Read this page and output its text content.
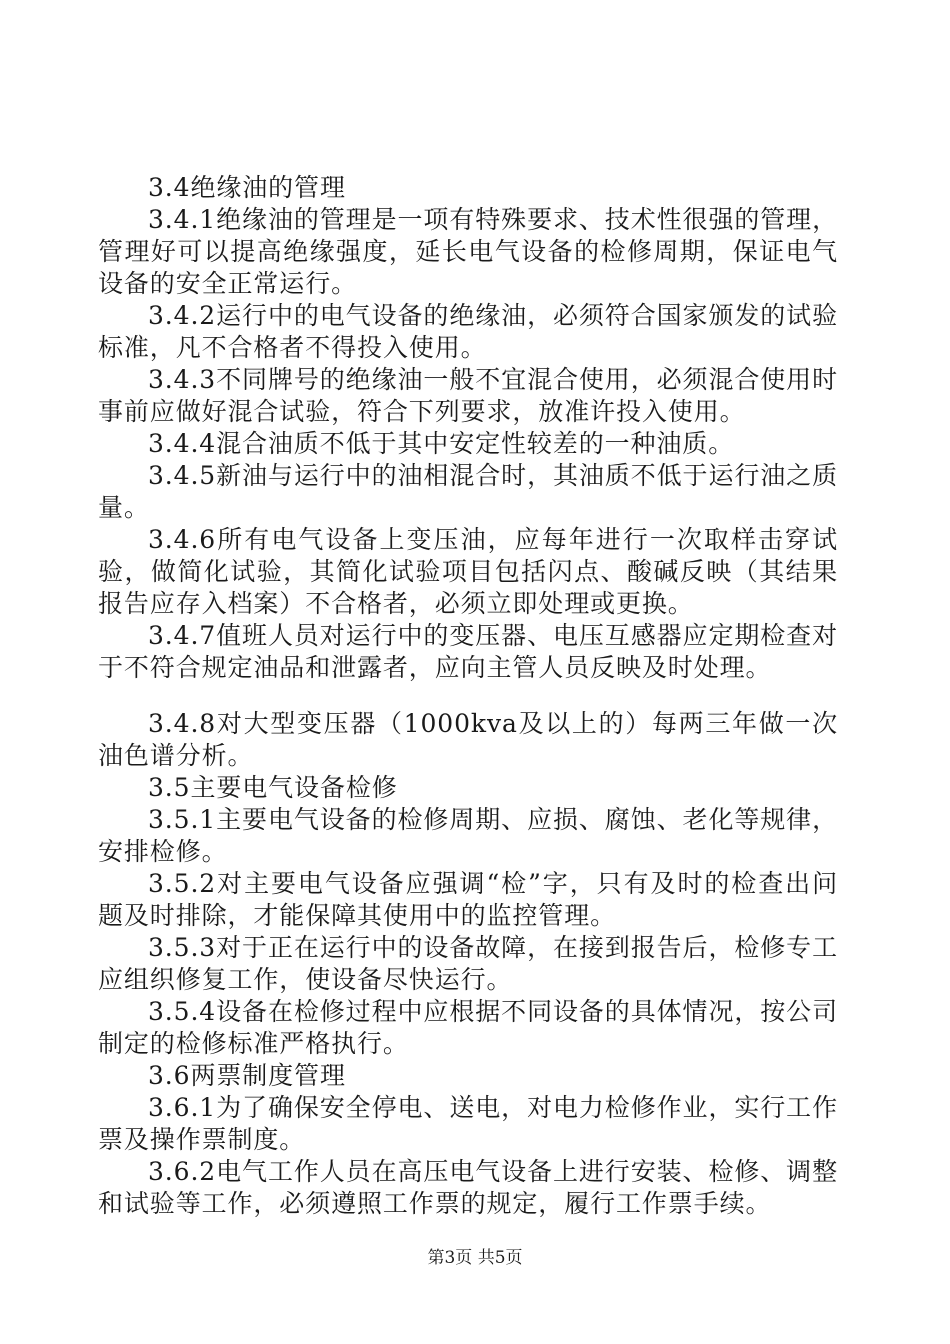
3.4绝缘油的管理

3.4.1绝缘油的管理是一项有特殊要求、技术性很强的管理，管理好可以提高绝缘强度，延长电气设备的检修周期，保证电气设备的安全正常运行。

3.4.2运行中的电气设备的绝缘油，必须符合国家颁发的试验标准，凡不合格者不得投入使用。

3.4.3不同牌号的绝缘油一般不宜混合使用，必须混合使用时事前应做好混合试验，符合下列要求，放准许投入使用。

3.4.4混合油质不低于其中安定性较差的一种油质。

3.4.5新油与运行中的油相混合时，其油质不低于运行油之质量。

3.4.6所有电气设备上变压油，应每年进行一次取样击穿试验，做简化试验，其简化试验项目包括闪点、酸碱反映（其结果报告应存入档案）不合格者，必须立即处理或更换。

3.4.7值班人员对运行中的变压器、电压互感器应定期检查对于不符合规定油品和泄露者，应向主管人员反映及时处理。

3.4.8对大型变压器（1000kva及以上的）每两三年做一次油色谱分析。

3.5主要电气设备检修

3.5.1主要电气设备的检修周期、应损、腐蚀、老化等规律，安排检修。

3.5.2对主要电气设备应强调“检”字，只有及时的检查出问题及时排除，才能保障其使用中的监控管理。

3.5.3对于正在运行中的设备故障，在接到报告后，检修专工应组织修复工作，使设备尽快运行。

3.5.4设备在检修过程中应根据不同设备的具体情况，按公司制定的检修标准严格执行。

3.6两票制度管理

3.6.1为了确保安全停电、送电，对电力检修作业，实行工作票及操作票制度。

3.6.2电气工作人员在高压电气设备上进行安装、检修、调整和试验等工作，必须遵照工作票的规定，履行工作票手续。

第3页 共5页
